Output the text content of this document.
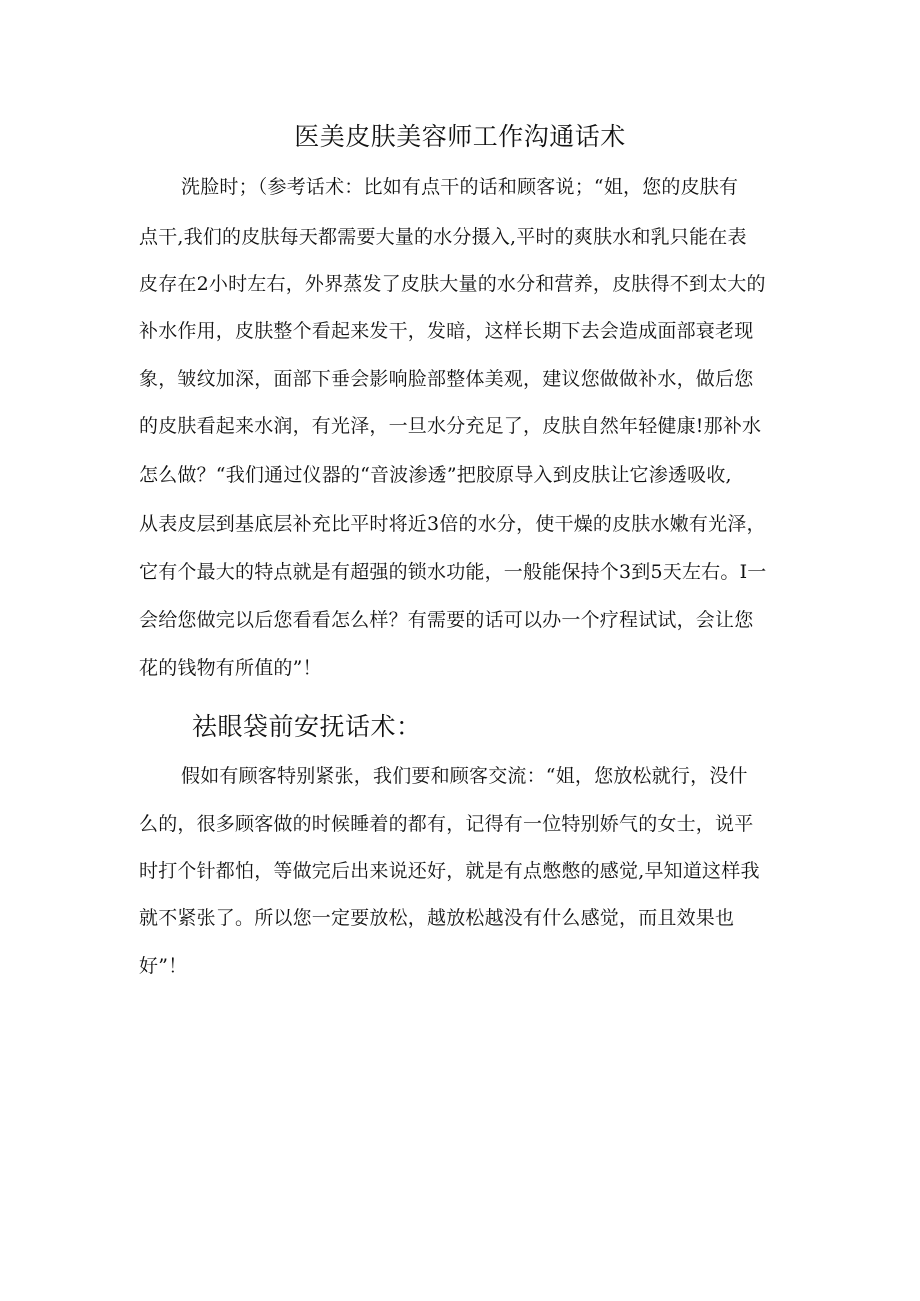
医美皮肤美容师工作沟通话术
洗脸时；（参考话术：比如有点干的话和顾客说；“姐，您的皮肤有
点干,我们的皮肤每天都需要大量的水分摄入,平时的爽肤水和乳只能在表
皮存在2小时左右，外界蒸发了皮肤大量的水分和营养，皮肤得不到太大的
补水作用，皮肤整个看起来发干，发暗，这样长期下去会造成面部衰老现
象，皱纹加深，面部下垂会影响脸部整体美观，建议您做做补水，做后您
的皮肤看起来水润，有光泽，一旦水分充足了，皮肤自然年轻健康!那补水
怎么做？“我们通过仪器的“音波渗透”把胶原导入到皮肤让它渗透吸收,
从表皮层到基底层补充比平时将近3倍的水分，使干燥的皮肤水嫩有光泽，
它有个最大的特点就是有超强的锁水功能，一般能保持个3到5天左右。I一
会给您做完以后您看看怎么样？有需要的话可以办一个疗程试试，会让您
花的钱物有所值的”！
祛眼袋前安抚话术：
假如有顾客特别紧张，我们要和顾客交流：“姐，您放松就行，没什
么的，很多顾客做的时候睡着的都有，记得有一位特别娇气的女士，说平
时打个针都怕，等做完后出来说还好，就是有点憋憋的感觉,早知道这样我
就不紧张了。所以您一定要放松，越放松越没有什么感觉，而且效果也
好”！
